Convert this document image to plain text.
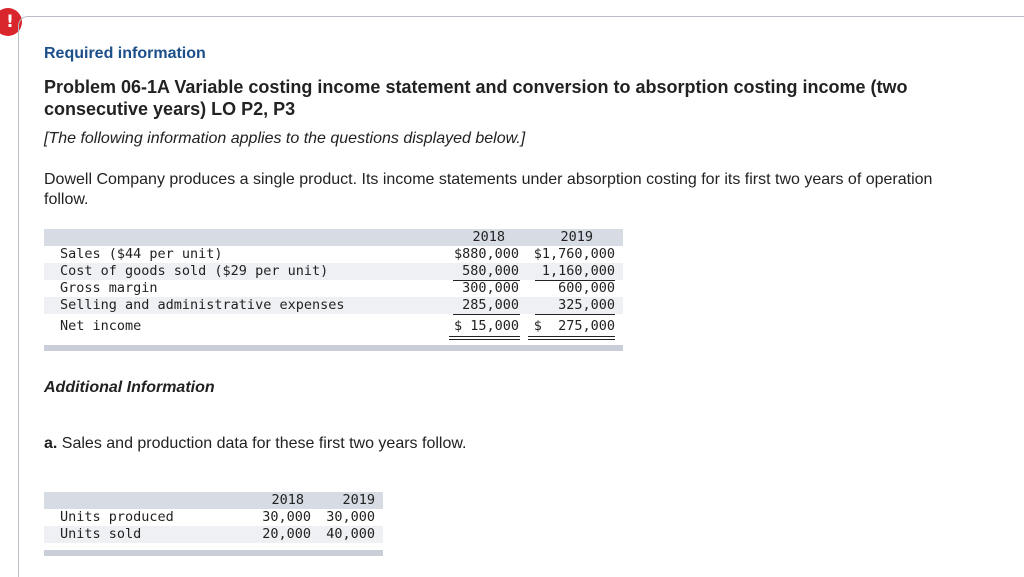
!
Required information
Problem 06-1A Variable costing income statement and conversion to absorption costing income (two consecutive years) LO P2, P3
[The following information applies to the questions displayed below.]
Dowell Company produces a single product. Its income statements under absorption costing for its first two years of operation follow.
2018	2019
Sales ($44 per unit)	$880,000 $1,760,000
Cost of goods sold ($29 per unit)	580,000 1,160,000
Gross margin	300,000	600,000
Selling and administrative expenses	285,000	325,000
Net income	$ 15,000 $  275,000
Additional Information
a. Sales and production data for these first two years follow.
2018	2019
Units produced	30,000 30,000
Units sold	20,000 40,000
